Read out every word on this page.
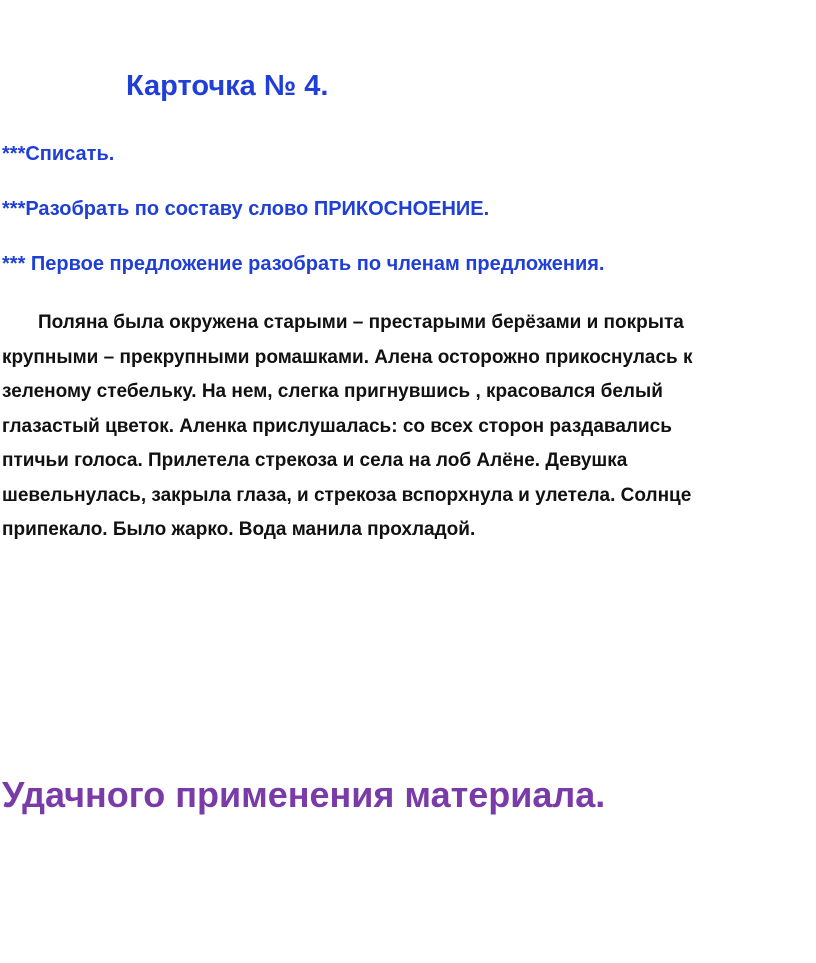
Карточка № 4.
***Списать.
***Разобрать по составу слово ПРИКОСНОЕНИЕ.
*** Первое предложение разобрать по членам предложения.
Поляна была окружена старыми – престарыми берёзами и покрыта
крупными – прекрупными ромашками. Алена осторожно прикоснулась к
зеленому стебельку. На нем, слегка пригнувшись , красовался белый
глазастый цветок. Аленка прислушалась: со всех сторон раздавались
птичьи голоса. Прилетела стрекоза и села на лоб Алёне. Девушка
шевельнулась, закрыла глаза, и стрекоза вспорхнула и улетела. Солнце
припекало. Было жарко. Вода манила прохладой.
Удачного применения материала.
